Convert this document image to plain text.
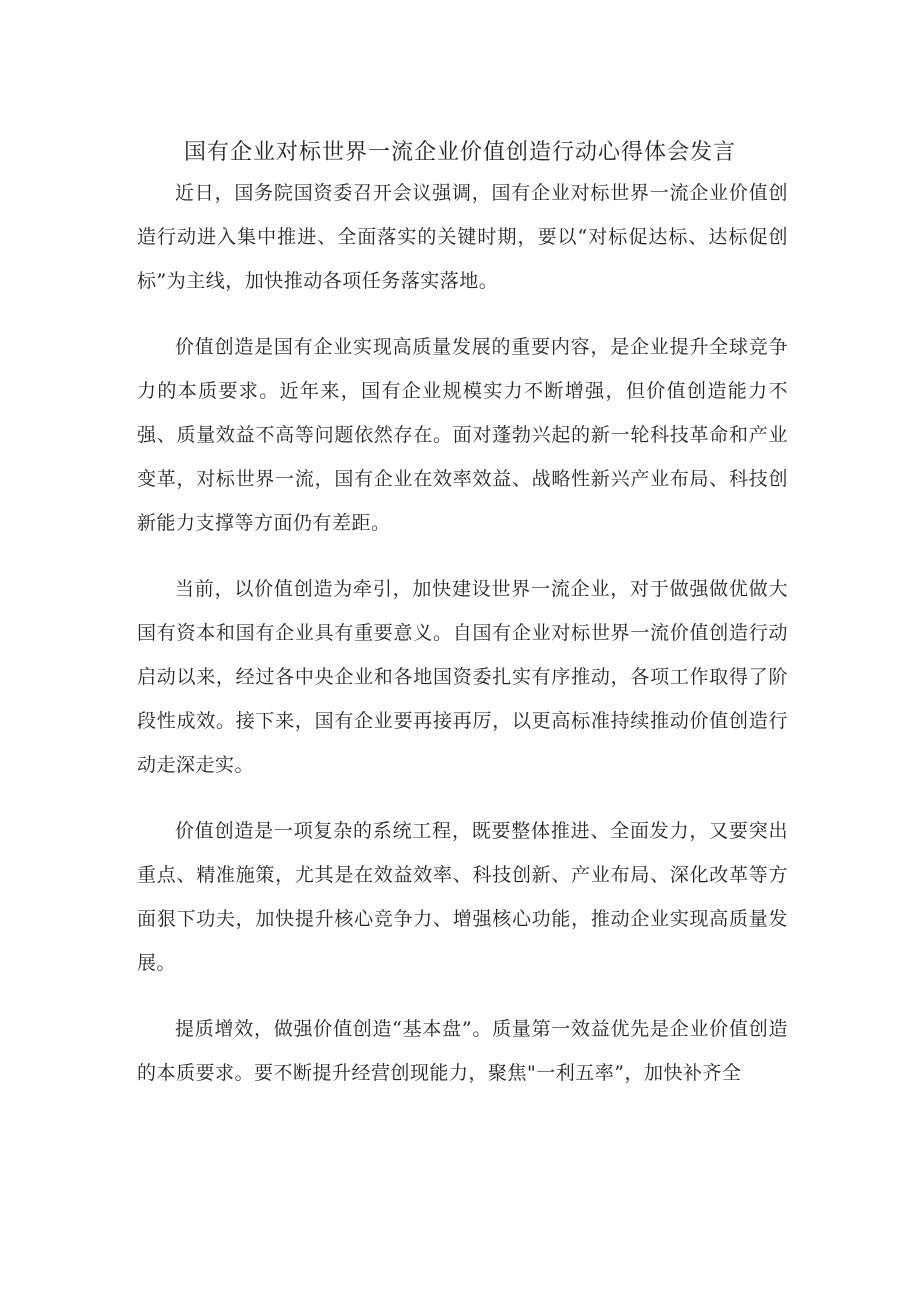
国有企业对标世界一流企业价值创造行动心得体会发言

近日，国务院国资委召开会议强调，国有企业对标世界一流企业价值创造行动进入集中推进、全面落实的关键时期，要以“对标促达标、达标促创标”为主线，加快推动各项任务落实落地。

价值创造是国有企业实现高质量发展的重要内容，是企业提升全球竞争力的本质要求。近年来，国有企业规模实力不断增强，但价值创造能力不强、质量效益不高等问题依然存在。面对蓬勃兴起的新一轮科技革命和产业变革，对标世界一流，国有企业在效率效益、战略性新兴产业布局、科技创新能力支撑等方面仍有差距。

当前，以价值创造为牵引，加快建设世界一流企业，对于做强做优做大国有资本和国有企业具有重要意义。自国有企业对标世界一流价值创造行动启动以来，经过各中央企业和各地国资委扎实有序推动，各项工作取得了阶段性成效。接下来，国有企业要再接再厉，以更高标准持续推动价值创造行动走深走实。

价值创造是一项复杂的系统工程，既要整体推进、全面发力，又要突出重点、精准施策，尤其是在效益效率、科技创新、产业布局、深化改革等方面狠下功夫，加快提升核心竞争力、增强核心功能，推动企业实现高质量发展。

提质增效，做强价值创造“基本盘”。质量第一效益优先是企业价值创造的本质要求。要不断提升经营创现能力，聚焦"一利五率”，加快补齐全
